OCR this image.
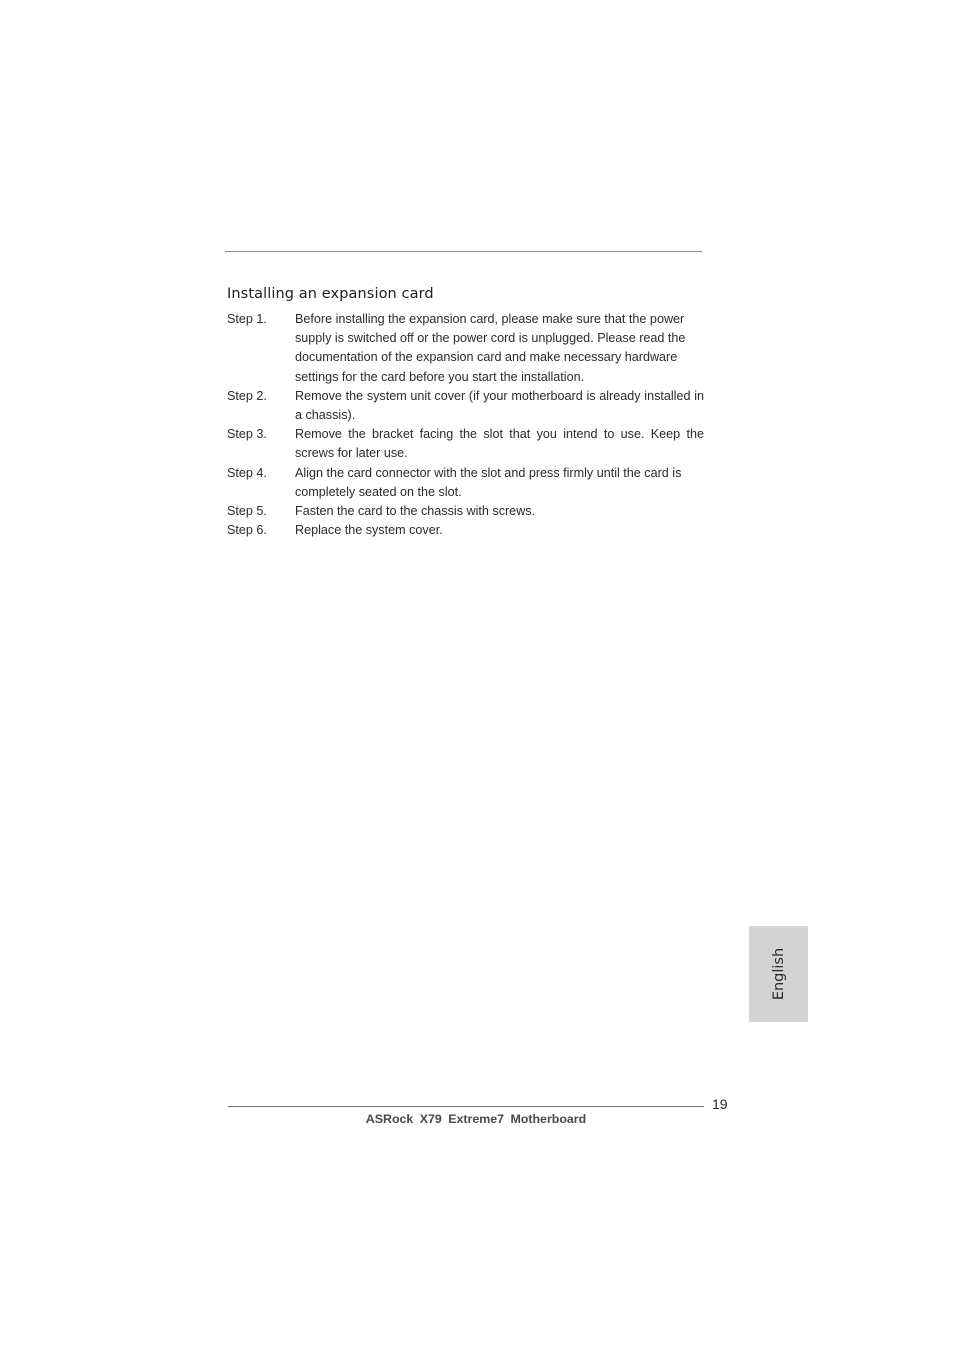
Installing an expansion card
Step 1.	Before installing the expansion card, please make sure that the power supply is switched off or the power cord is unplugged. Please read the documentation of the expansion card and make necessary hardware settings for the card before you start the installation.
Step 2.	Remove the system unit cover (if your motherboard is already installed in a chassis).
Step 3.	Remove the bracket facing the slot that you intend to use. Keep the screws for later use.
Step 4.	Align the card connector with the slot and press firmly until the card is completely seated on the slot.
Step 5.	Fasten the card to the chassis with screws.
Step 6.	Replace the system cover.
English
19
ASRock X79 Extreme7 Motherboard
